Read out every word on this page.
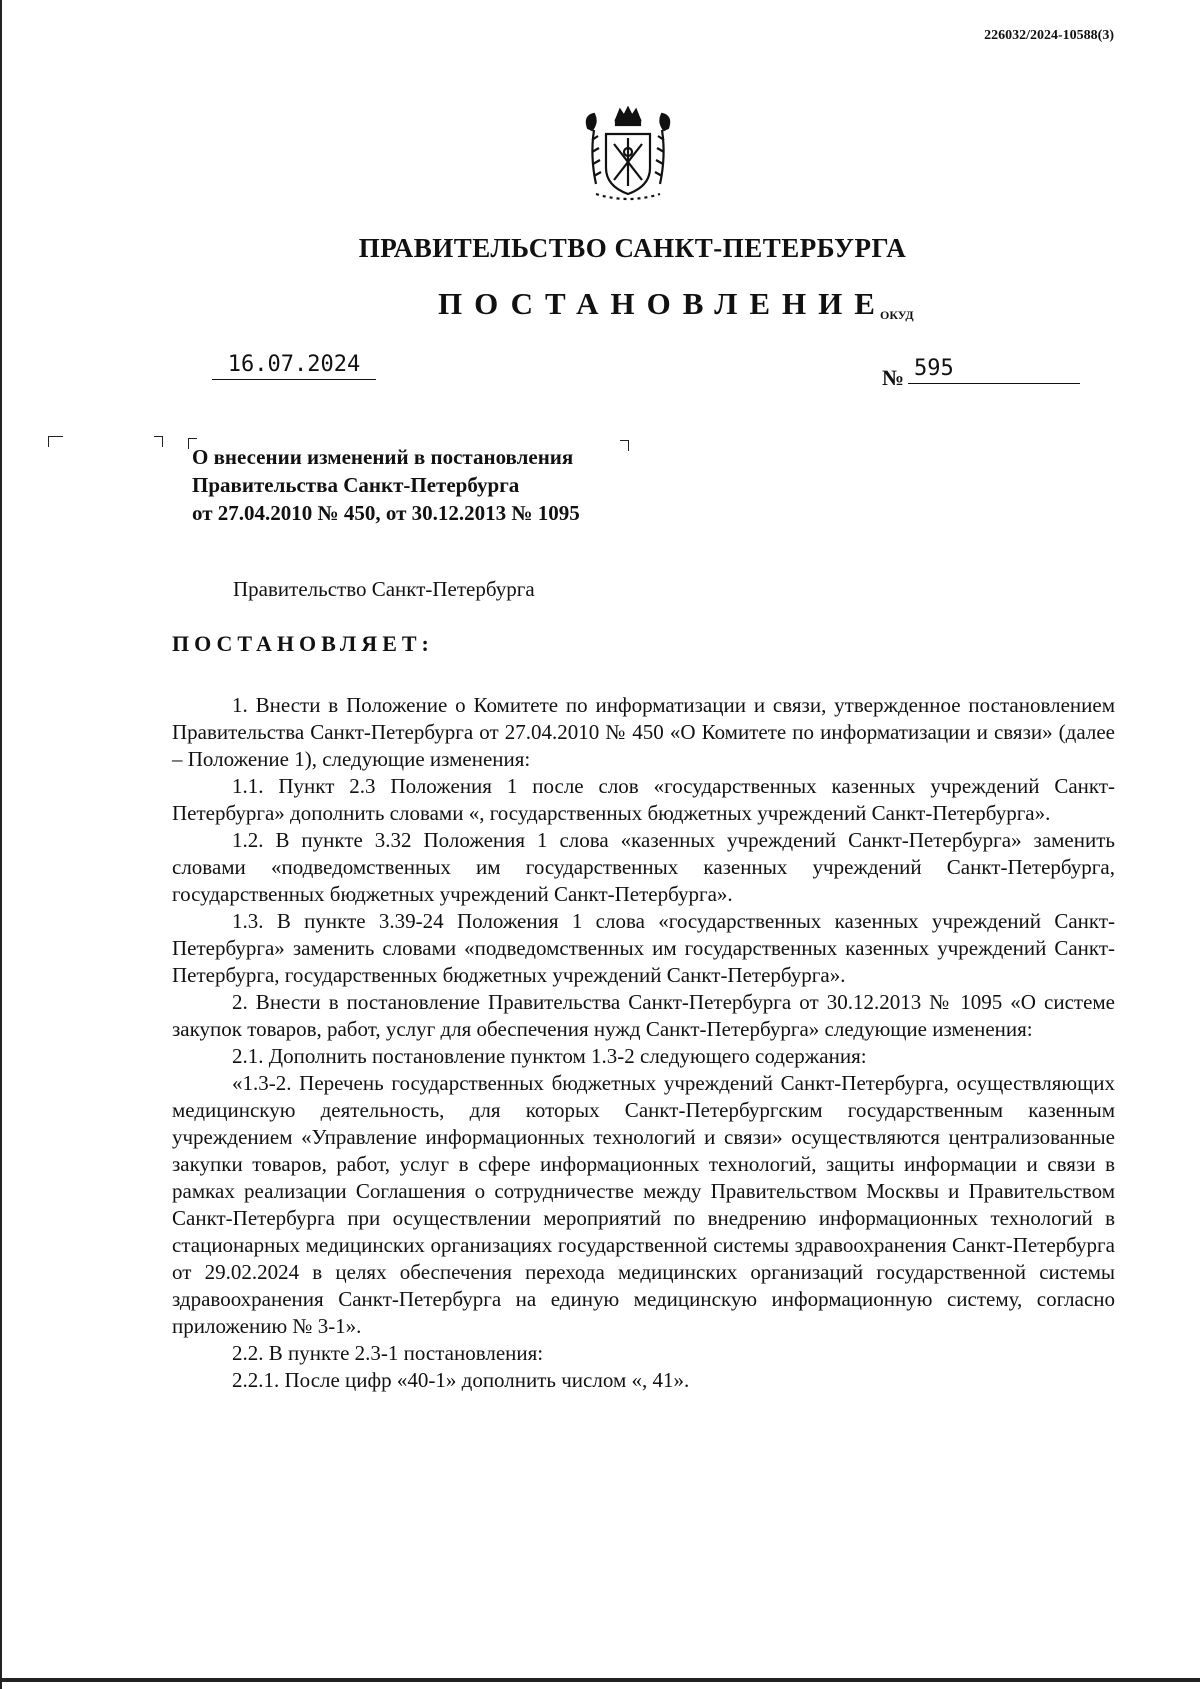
226032/2024-10588(3)
ПРАВИТЕЛЬСТВО САНКТ-ПЕТЕРБУРГА
ПОСТАНОВЛЕНИЕ
ОКУД
16.07.2024
№ 595
О внесении изменений в постановления
Правительства Санкт-Петербурга
от 27.04.2010 № 450, от 30.12.2013 № 1095
Правительство Санкт-Петербурга
ПОСТАНОВЛЯЕТ:

1. Внести в Положение о Комитете по информатизации и связи, утвержденное постановлением Правительства Санкт-Петербурга от 27.04.2010 № 450 «О Комитете по информатизации и связи» (далее – Положение 1), следующие изменения:

1.1. Пункт 2.3 Положения 1 после слов «государственных казенных учреждений Санкт-Петербурга» дополнить словами «, государственных бюджетных учреждений Санкт-Петербурга».

1.2. В пункте 3.32 Положения 1 слова «казенных учреждений Санкт-Петербурга» заменить словами «подведомственных им государственных казенных учреждений Санкт-Петербурга, государственных бюджетных учреждений Санкт-Петербурга».

1.3. В пункте 3.39-24 Положения 1 слова «государственных казенных учреждений Санкт-Петербурга» заменить словами «подведомственных им государственных казенных учреждений Санкт-Петербурга, государственных бюджетных учреждений Санкт-Петербурга».

2. Внести в постановление Правительства Санкт-Петербурга от 30.12.2013 № 1095 «О системе закупок товаров, работ, услуг для обеспечения нужд Санкт-Петербурга» следующие изменения:

2.1. Дополнить постановление пунктом 1.3-2 следующего содержания:

«1.3-2. Перечень государственных бюджетных учреждений Санкт-Петербурга, осуществляющих медицинскую деятельность, для которых Санкт-Петербургским государственным казенным учреждением «Управление информационных технологий и связи» осуществляются централизованные закупки товаров, работ, услуг в сфере информационных технологий, защиты информации и связи в рамках реализации Соглашения о сотрудничестве между Правительством Москвы и Правительством Санкт-Петербурга при осуществлении мероприятий по внедрению информационных технологий в стационарных медицинских организациях государственной системы здравоохранения Санкт-Петербурга от 29.02.2024 в целях обеспечения перехода медицинских организаций государственной системы здравоохранения Санкт-Петербурга на единую медицинскую информационную систему, согласно приложению № 3-1».

2.2. В пункте 2.3-1 постановления:

2.2.1. После цифр «40-1» дополнить числом «, 41».
